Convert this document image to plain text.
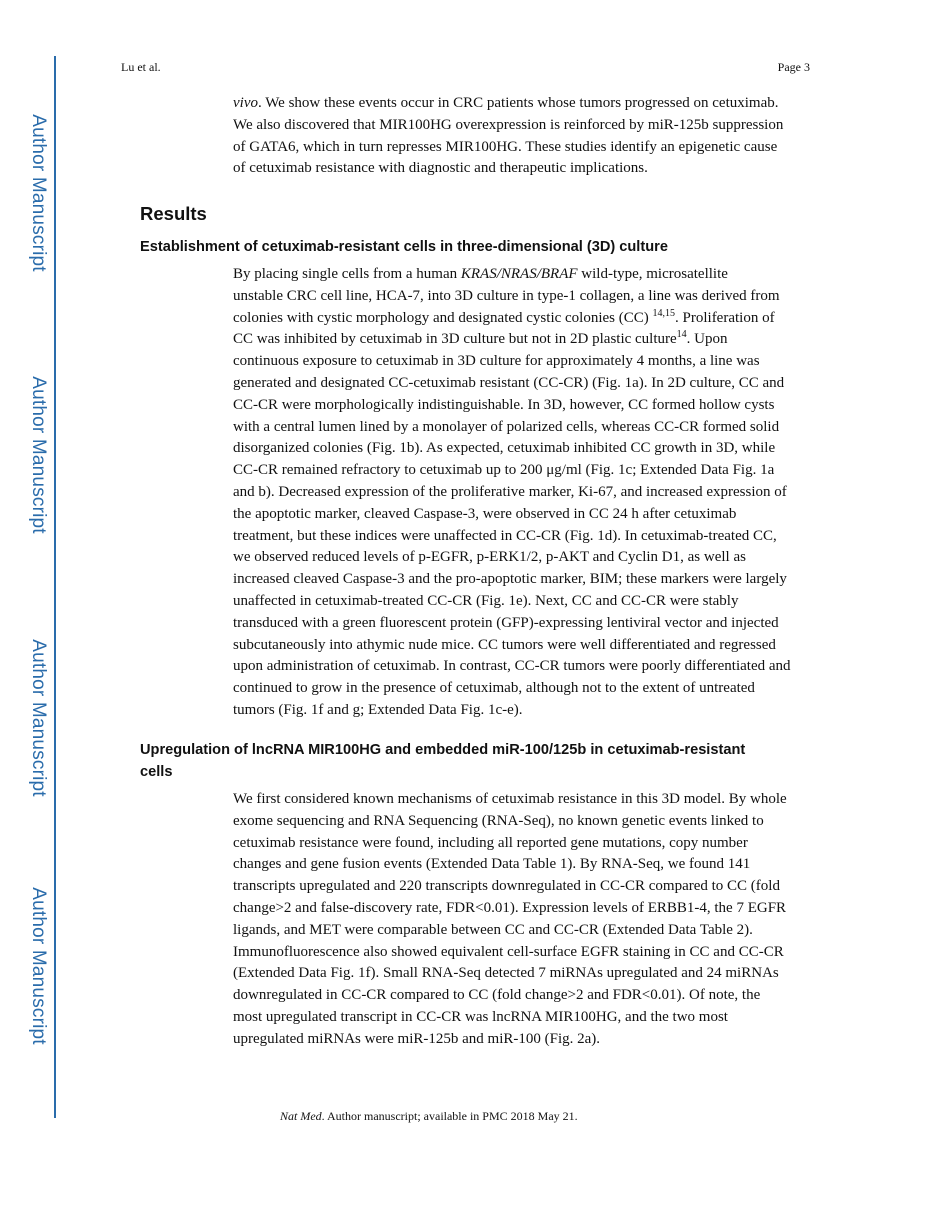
Author Manuscript
Author Manuscript
Author Manuscript
Author Manuscript
Lu et al.	Page 3

vivo. We show these events occur in CRC patients whose tumors progressed on cetuximab.
We also discovered that MIR100HG overexpression is reinforced by miR-125b suppression
of GATA6, which in turn represses MIR100HG. These studies identify an epigenetic cause
of cetuximab resistance with diagnostic and therapeutic implications.

Results
Establishment of cetuximab-resistant cells in three-dimensional (3D) culture

By placing single cells from a human KRAS/NRAS/BRAF wild-type, microsatellite
unstable CRC cell line, HCA-7, into 3D culture in type-1 collagen, a line was derived from
colonies with cystic morphology and designated cystic colonies (CC) $^{14,15}$. Proliferation of
CC was inhibited by cetuximab in 3D culture but not in 2D plastic culture$^{14}$. Upon
continuous exposure to cetuximab in 3D culture for approximately 4 months, a line was
generated and designated CC-cetuximab resistant (CC-CR) (Fig. 1a). In 2D culture, CC and
CC-CR were morphologically indistinguishable. In 3D, however, CC formed hollow cysts
with a central lumen lined by a monolayer of polarized cells, whereas CC-CR formed solid
disorganized colonies (Fig. 1b). As expected, cetuximab inhibited CC growth in 3D, while
CC-CR remained refractory to cetuximab up to 200 μg/ml (Fig. 1c; Extended Data Fig. 1a
and b). Decreased expression of the proliferative marker, Ki-67, and increased expression of
the apoptotic marker, cleaved Caspase-3, were observed in CC 24 h after cetuximab
treatment, but these indices were unaffected in CC-CR (Fig. 1d). In cetuximab-treated CC,
we observed reduced levels of p-EGFR, p-ERK1/2, p-AKT and Cyclin D1, as well as
increased cleaved Caspase-3 and the pro-apoptotic marker, BIM; these markers were largely
unaffected in cetuximab-treated CC-CR (Fig. 1e). Next, CC and CC-CR were stably
transduced with a green fluorescent protein (GFP)-expressing lentiviral vector and injected
subcutaneously into athymic nude mice. CC tumors were well differentiated and regressed
upon administration of cetuximab. In contrast, CC-CR tumors were poorly differentiated and
continued to grow in the presence of cetuximab, although not to the extent of untreated
tumors (Fig. 1f and g; Extended Data Fig. 1c-e).

Upregulation of lncRNA MIR100HG and embedded miR-100/125b in cetuximab-resistant
cells

We first considered known mechanisms of cetuximab resistance in this 3D model. By whole
exome sequencing and RNA Sequencing (RNA-Seq), no known genetic events linked to
cetuximab resistance were found, including all reported gene mutations, copy number
changes and gene fusion events (Extended Data Table 1). By RNA-Seq, we found 141
transcripts upregulated and 220 transcripts downregulated in CC-CR compared to CC (fold
change>2 and false-discovery rate, FDR<0.01). Expression levels of ERBB1-4, the 7 EGFR
ligands, and MET were comparable between CC and CC-CR (Extended Data Table 2).
Immunofluorescence also showed equivalent cell-surface EGFR staining in CC and CC-CR
(Extended Data Fig. 1f). Small RNA-Seq detected 7 miRNAs upregulated and 24 miRNAs
downregulated in CC-CR compared to CC (fold change>2 and FDR<0.01). Of note, the
most upregulated transcript in CC-CR was lncRNA MIR100HG, and the two most
upregulated miRNAs were miR-125b and miR-100 (Fig. 2a).

Nat Med. Author manuscript; available in PMC 2018 May 21.
